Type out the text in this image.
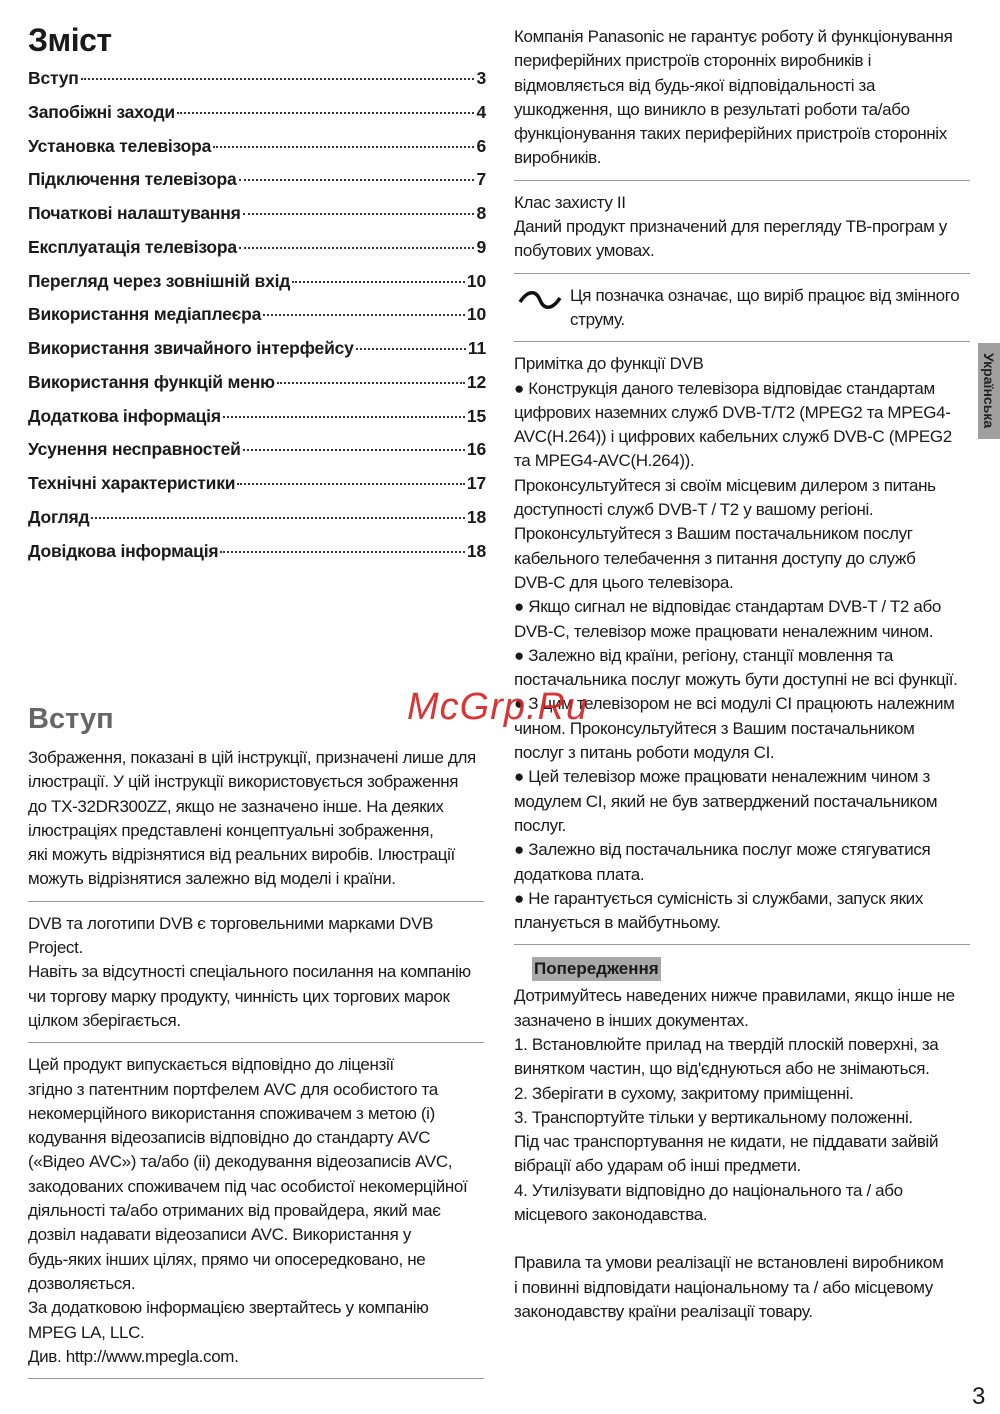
Зміст
Вступ	3
Запобіжні заходи	4
Установка телевізора	6
Підключення телевізора	7
Початкові налаштування	8
Експлуатація телевізора	9
Перегляд через зовнішній вхід	10
Використання медіаплеєра	10
Використання звичайного інтерфейсу	11
Використання функцій меню	12
Додаткова інформація	15
Усунення несправностей	16
Технічні характеристики	17
Догляд	18
Довідкова інформація	18
Вступ
Зображення, показані в цій інструкції, призначені лише для
ілюстрації. У цій інструкції використовується зображення
до TX-32DR300ZZ, якщо не зазначено інше. На деяких
ілюстраціях представлені концептуальні зображення,
які можуть відрізнятися від реальних виробів. Ілюстрації
можуть відрізнятися залежно від моделі і країни.
DVB та логотипи DVB є торговельними марками DVB
Project.
Навіть за відсутності спеціального посилання на компанію
чи торгову марку продукту, чинність цих торгових марок
цілком зберігається.
Цей продукт випускається відповідно до ліцензії
згідно з патентним портфелем AVC для особистого та
некомерційного використання споживачем з метою (i)
кодування відеозаписів відповідно до стандарту AVC
(«Відео AVC») та/або (ii) декодування відеозаписів AVC,
закодованих споживачем під час особистої некомерційної
діяльності та/або отриманих від провайдера, який має
дозвіл надавати відеозаписи AVC. Використання у
будь-яких інших цілях, прямо чи опосередковано, не
дозволяється.
За додатковою інформацією звертайтесь у компанію
MPEG LA, LLC.
Див. http://www.mpegla.com.
Компанія Panasonic не гарантує роботу й функціонування
периферійних пристроїв сторонніх виробників і
відмовляється від будь-якої відповідальності за
ушкодження, що виникло в результаті роботи та/або
функціонування таких периферійних пристроїв сторонніх
виробників.
Клас захисту II
Даний продукт призначений для перегляду ТВ-програм у
побутових умовах.
Ця позначка означає, що виріб працює від змінного
струму.
Примітка до функції DVB
● Конструкція даного телевізора відповідає стандартам
цифрових наземних служб DVB-T/T2 (MPEG2 та MPEG4-
AVC(H.264)) і цифрових кабельних служб DVB-C (MPEG2
та MPEG4-AVC(H.264)).
Проконсультуйтеся зі своїм місцевим дилером з питань
доступності служб DVB-T / T2 у вашому регіоні.
Проконсультуйтеся з Вашим постачальником послуг
кабельного телебачення з питання доступу до служб
DVB-C для цього телевізора.
● Якщо сигнал не відповідає стандартам DVB-T / T2 або
DVB-C, телевізор може працювати неналежним чином.
● Залежно від країни, регіону, станції мовлення та
постачальника послуг можуть бути доступні не всі функції.
● З цим телевізором не всі модулі CI працюють належним
чином. Проконсультуйтеся з Вашим постачальником
послуг з питань роботи модуля CI.
● Цей телевізор може працювати неналежним чином з
модулем CI, який не був затверджений постачальником
послуг.
● Залежно від постачальника послуг може стягуватися
додаткова плата.
● Не гарантується сумісність зі службами, запуск яких
планується в майбутньому.
Попередження
Дотримуйтесь наведених нижче правилами, якщо інше не
зазначено в інших документах.
1. Встановлюйте прилад на твердій плоскій поверхні, за
винятком частин, що від'єднуються або не знімаються.
2. Зберігати в сухому, закритому приміщенні.
3. Транспортуйте тільки у вертикальному положенні.
Під час транспортування не кидати, не піддавати зайвій
вібрації або ударам об інші предмети.
4. Утилізувати відповідно до національного та / або
місцевого законодавства.
Правила та умови реалізації не встановлені виробником
і повинні відповідати національному та / або місцевому
законодавству країни реалізації товару.
Українська
3
McGrp.Ru
